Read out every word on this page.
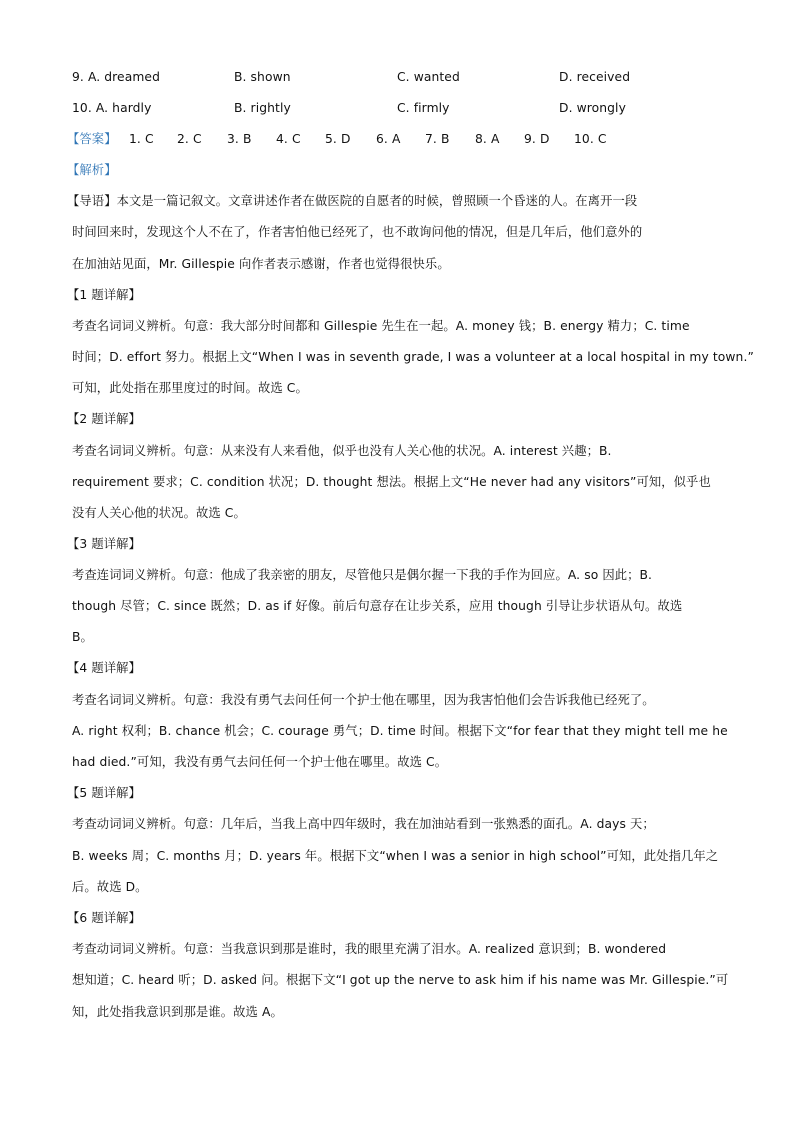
9. A. dreamed	B. shown	C. wanted	D. received
10. A. hardly	B. rightly	C. firmly	D. wrongly
【答案】 1. C 2. C 3. B 4. C 5. D 6. A 7. B 8. A 9. D 10. C
【解析】
【导语】本文是一篇记叙文。文章讲述作者在做医院的自愿者的时候，曾照顾一个昏迷的人。在离开一段
时间回来时，发现这个人不在了，作者害怕他已经死了，也不敢询问他的情况，但是几年后，他们意外的
在加油站见面，Mr. Gillespie 向作者表示感谢，作者也觉得很快乐。
【1 题详解】
考查名词词义辨析。句意：我大部分时间都和 Gillespie 先生在一起。A. money 钱；B. energy 精力；C. time
时间；D. effort 努力。根据上文“When I was in seventh grade, I was a volunteer at a local hospital in my town.”
可知，此处指在那里度过的时间。故选 C。
【2 题详解】
考查名词词义辨析。句意：从来没有人来看他，似乎也没有人关心他的状况。A. interest 兴趣；B.
requirement 要求；C. condition 状况；D. thought 想法。根据上文“He never had any visitors”可知，似乎也
没有人关心他的状况。故选 C。
【3 题详解】
考查连词词义辨析。句意：他成了我亲密的朋友，尽管他只是偶尔握一下我的手作为回应。A. so 因此；B.
though 尽管；C. since 既然；D. as if 好像。前后句意存在让步关系，应用 though 引导让步状语从句。故选
B。
【4 题详解】
考查名词词义辨析。句意：我没有勇气去问任何一个护士他在哪里，因为我害怕他们会告诉我他已经死了。
A. right 权利；B. chance 机会；C. courage 勇气；D. time 时间。根据下文“for fear that they might tell me he
had died.”可知，我没有勇气去问任何一个护士他在哪里。故选 C。
【5 题详解】
考查动词词义辨析。句意：几年后，当我上高中四年级时，我在加油站看到一张熟悉的面孔。A. days 天；
B. weeks 周；C. months 月；D. years 年。根据下文“when I was a senior in high school”可知，此处指几年之
后。故选 D。
【6 题详解】
考查动词词义辨析。句意：当我意识到那是谁时，我的眼里充满了泪水。A. realized 意识到；B. wondered
想知道；C. heard 听；D. asked 问。根据下文“I got up the nerve to ask him if his name was Mr. Gillespie.”可
知，此处指我意识到那是谁。故选 A。
